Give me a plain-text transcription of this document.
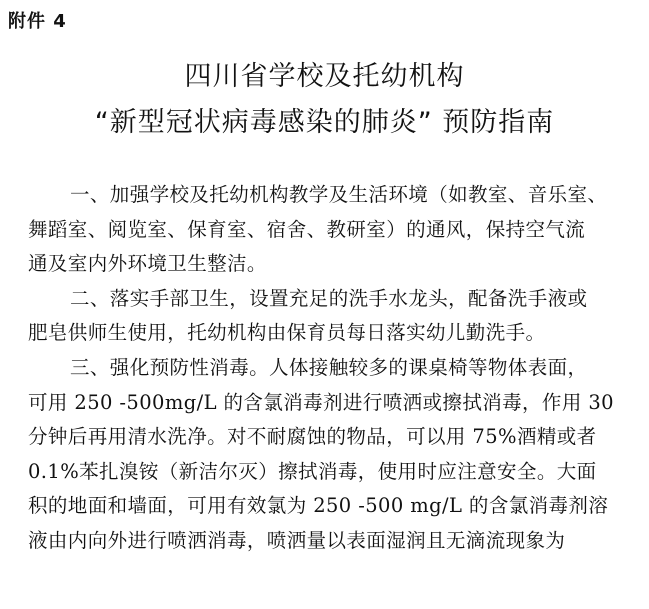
附件 4
四川省学校及托幼机构
“新型冠状病毒感染的肺炎” 预防指南
一、加强学校及托幼机构教学及生活环境（如教室、音乐室、
舞蹈室、阅览室、保育室、宿舍、教研室）的通风，保持空气流
通及室内外环境卫生整洁。
二、落实手部卫生，设置充足的洗手水龙头，配备洗手液或
肥皂供师生使用，托幼机构由保育员每日落实幼儿勤洗手。
三、强化预防性消毒。人体接触较多的课桌椅等物体表面，
可用 250 -500mg/L 的含氯消毒剂进行喷洒或擦拭消毒，作用 30
分钟后再用清水洗净。对不耐腐蚀的物品，可以用 75%酒精或者
0.1%苯扎溴铵（新洁尔灭）擦拭消毒，使用时应注意安全。大面
积的地面和墙面，可用有效氯为 250 -500 mg/L 的含氯消毒剂溶
液由内向外进行喷洒消毒，喷洒量以表面湿润且无滴流现象为
